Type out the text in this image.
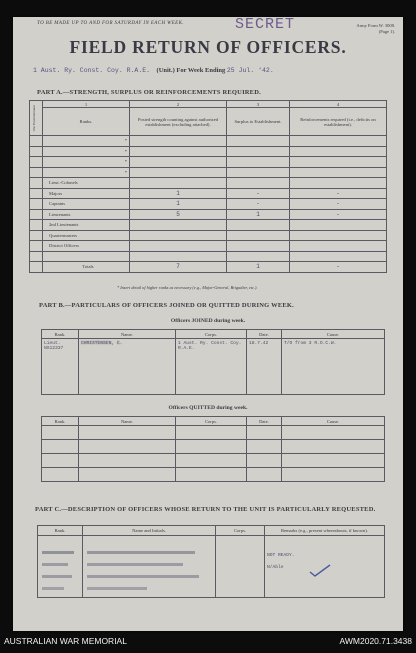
TO BE MADE UP TO AND FOR SATURDAY IN EACH WEEK.	SECRET	Army Form W. 3008.
(Page 1).
FIELD RETURN OF OFFICERS.
1 Aust. Ry. Const. Coy. R.A.E. (Unit.) For Week Ending 25 Jul. '42.
PART A.—STRENGTH, SURPLUS OR REINFORCEMENTS REQUIRED.
War Establishment	1	2	3	4
	Ranks.	Posted strength counting against authorized establishment (excluding attached).	Surplus to Establishment.	Reinforcements required (i.e., deficits on establishment).
	*			
	*			
	*			
	*			
	Lieut.-Colonels			
	Majors	1	-	-
	Captains	1	-	-
	Lieutenants	5	1	-
	2nd Lieutenants			
	Quartermasters			
	District Officers			

	Totals	7	1	-
* Insert detail of higher ranks as necessary (e.g., Major-General, Brigadier, etc.).
PART B.—PARTICULARS OF OFFICERS JOINED OR QUITTED DURING WEEK.
Officers JOINED during week.
Rank.	Name.	Corps.	Date.	Cause.
Lieut. NX12337	CHRISTENSEN, C.	1 Aust. Ry. Const. Coy. R.A.E.	18.7.42	T/O from 3 R.O.C.W.
Officers QUITTED during week.
Rank.	Name.	Corps.	Date.	Cause.

PART C.—DESCRIPTION OF OFFICERS WHOSE RETURN TO THE UNIT IS PARTICULARLY REQUESTED.
Rank.	Name and Initials.	Corps.	Remarks (e.g., present whereabouts, if known).

NOT READY.
N/Able
AUSTRALIAN WAR MEMORIAL	AWM2020.71.3438
